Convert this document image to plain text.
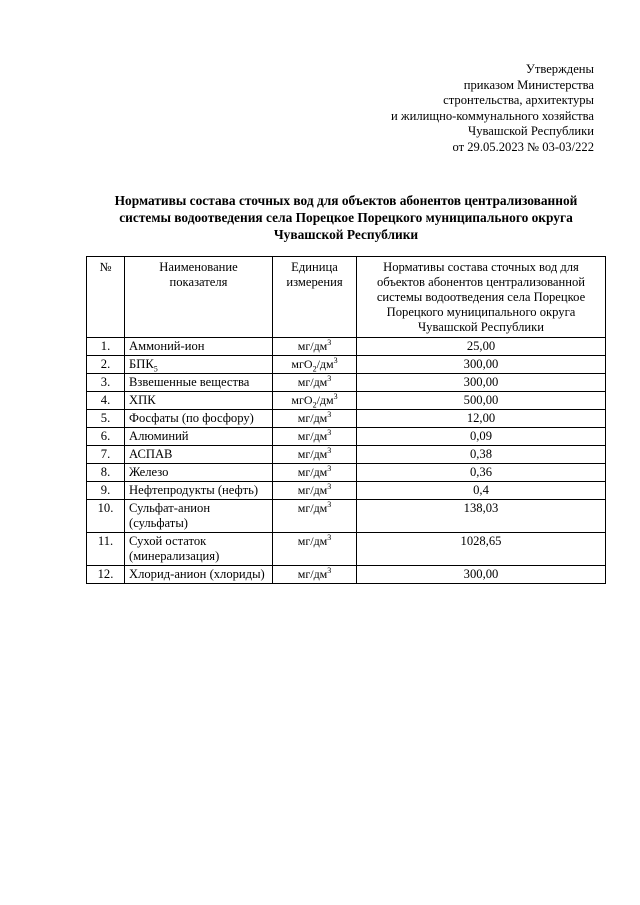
Утверждены
приказом Министерства
стронтельства, архитектуры
и жилищно-коммунального хозяйства
Чувашской Республики
от 29.05.2023 № 03-03/222
Нормативы состава сточных вод для объектов абонентов централизованной
системы водоотведения села Порецкое Порецкого муниципального округа
Чувашской Республики
№	Наименование показателя	Единица измерения	Нормативы состава сточных вод для объектов абонентов централизованной системы водоотведения села Порецкое Порецкого муниципального округа Чувашской Республики
1.	Аммоний-ион	$мг/дм^3$	25,00
2.	$БПК_5$	$мгО_2/дм^3$	300,00
3.	Взвешенные вещества	$мг/дм^3$	300,00
4.	ХПК	$мгО_2/дм^3$	500,00
5.	Фосфаты (по фосфору)	$мг/дм^3$	12,00
6.	Алюминий	$мг/дм^3$	0,09
7.	АСПАВ	$мг/дм^3$	0,38
8.	Железо	$мг/дм^3$	0,36
9.	Нефтепродукты (нефть)	$мг/дм^3$	0,4
10.	Сульфат-анион (сульфаты)	$мг/дм^3$	138,03
11.	Сухой остаток (минерализация)	$мг/дм^3$	1028,65
12.	Хлорид-анион (хлориды)	$мг/дм^3$	300,00
